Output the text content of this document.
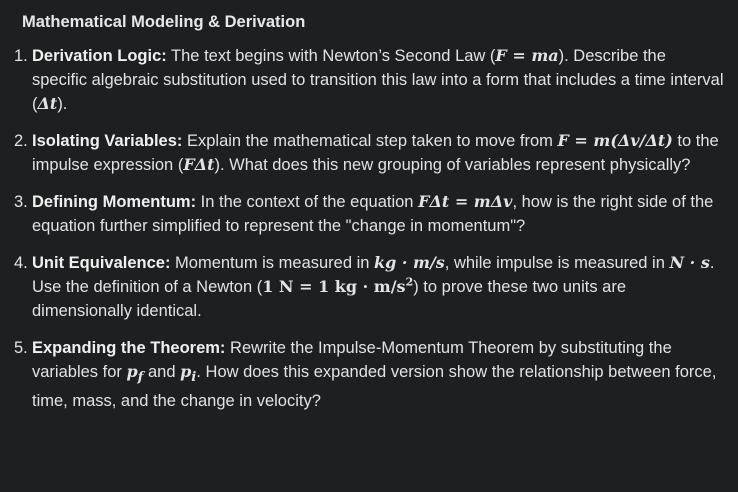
Mathematical Modeling & Derivation
1. Derivation Logic: The text begins with Newton’s Second Law (F = ma). Describe the specific algebraic substitution used to transition this law into a form that includes a time interval (Δt).
2. Isolating Variables: Explain the mathematical step taken to move from F = m(Δv/Δt) to the impulse expression (FΔt). What does this new grouping of variables represent physically?
3. Defining Momentum: In the context of the equation FΔt = mΔv, how is the right side of the equation further simplified to represent the "change in momentum"?
4. Unit Equivalence: Momentum is measured in kg · m/s, while impulse is measured in N · s. Use the definition of a Newton (1 N = 1 kg · $m/s^2$) to prove these two units are dimensionally identical.
5. Expanding the Theorem: Rewrite the Impulse-Momentum Theorem by substituting the variables for $p_f$ and $p_i$. How does this expanded version show the relationship between force, time, mass, and the change in velocity?
